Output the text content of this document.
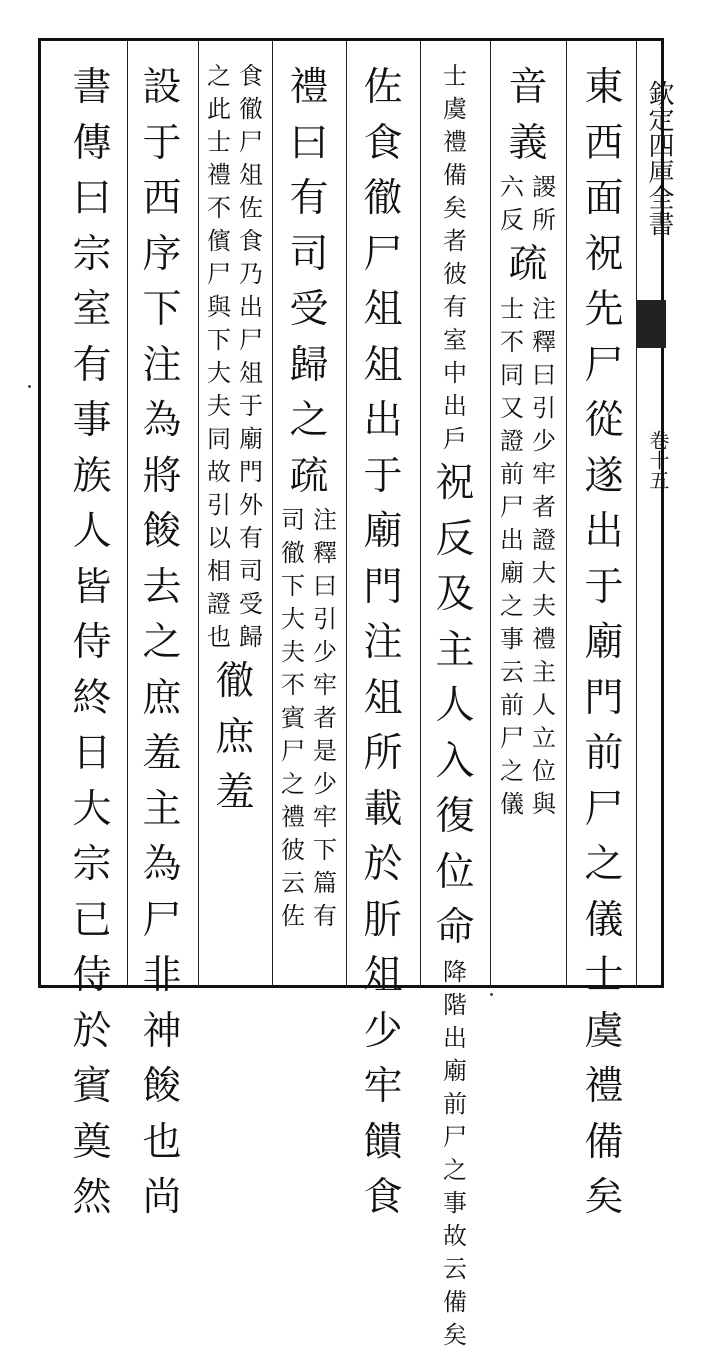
欽定四庫全書
卷十五
東西面祝先尸從遂出于廟門前尸之儀士虞禮備矣
音義
謖所
六反
疏
注釋曰引少牢者證大夫禮主人立位與
士不同又證前尸出廟之事云前尸之儀
士虞禮備矣者彼有室中出戶
祝反及主人入復位命
降階出廟前尸之事故云備矣
佐食徹尸俎俎出于廟門注俎所載於肵俎少牢饋食
禮曰有司受歸之
疏
注釋曰引少牢者是少牢下篇有
司徹下大夫不賓尸之禮彼云佐
食徹尸俎佐食乃出尸俎于廟門外有司受歸
之此士禮不儐尸與下大夫同故引以相證也
徹庶羞
設于西序下注為將餕去之庶羞主為尸非神餕也尚
書傳曰宗室有事族人皆侍終日大宗已侍於賓奠然
